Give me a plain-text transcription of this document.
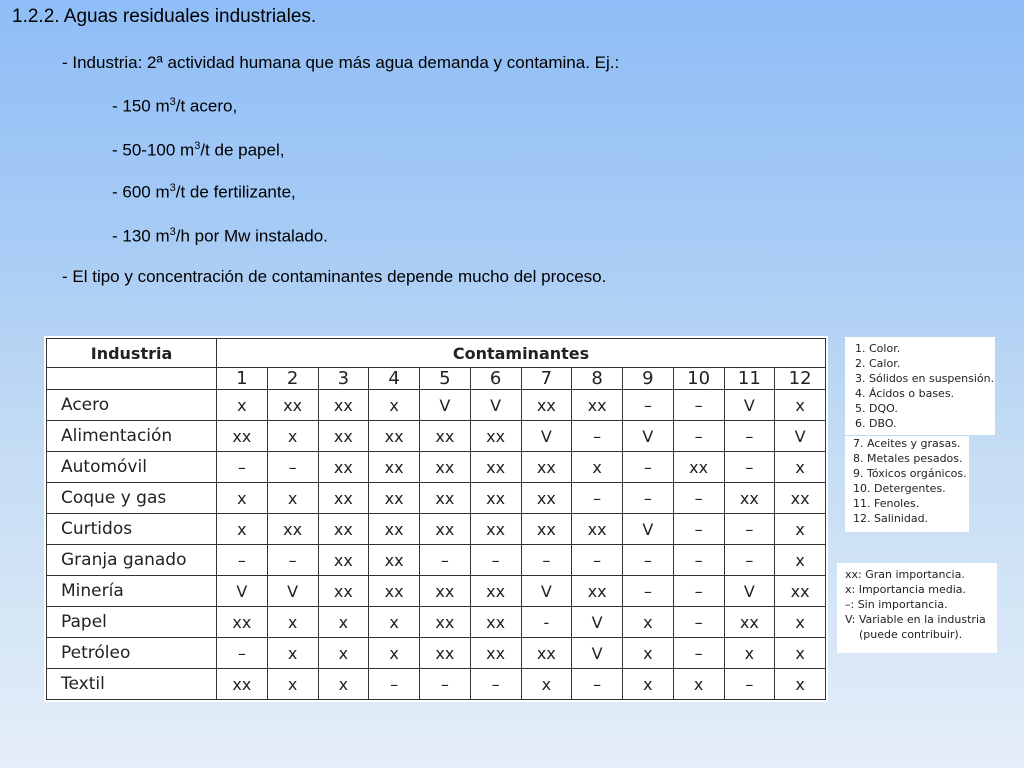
1.2.2. Aguas residuales industriales.
- Industria: 2ª actividad humana que más agua demanda y contamina. Ej.:
- 150 $m^3/t$ acero,
- 50-100 $m^3/t$ de papel,
- 600 $m^3/t$ de fertilizante,
- 130 $m^3/h$ por Mw instalado.
- El tipo y concentración de contaminantes depende mucho del proceso.
Industria	Contaminantes											
	1	2	3	4	5	6	7	8	9	10	11	12
Acero	x	xx	xx	x	V	V	xx	xx	–	–	V	x
Alimentación	xx	x	xx	xx	xx	xx	V	–	V	–	–	V
Automóvil	–	–	xx	xx	xx	xx	xx	x	–	xx	–	x
Coque y gas	x	x	xx	xx	xx	xx	xx	–	–	–	xx	xx
Curtidos	x	xx	xx	xx	xx	xx	xx	xx	V	–	–	x
Granja ganado	–	–	xx	xx	–	–	–	–	–	–	–	x
Minería	V	V	xx	xx	xx	xx	V	xx	–	–	V	xx
Papel	xx	x	x	x	xx	xx	-	V	x	–	xx	x
Petróleo	–	x	x	x	xx	xx	xx	V	x	–	x	x
Textil	xx	x	x	–	–	–	x	–	x	x	–	x
1. Color.
2. Calor.
3. Sólidos en suspensión.
4. Ácidos o bases.
5. DQO.
6. DBO.
7. Aceites y grasas.
8. Metales pesados.
9. Tóxicos orgánicos.
10. Detergentes.
11. Fenoles.
12. Salinidad.
xx: Gran importancia.
x: Importancia media.
–: Sin importancia.
V: Variable en la industria
(puede contribuir).
